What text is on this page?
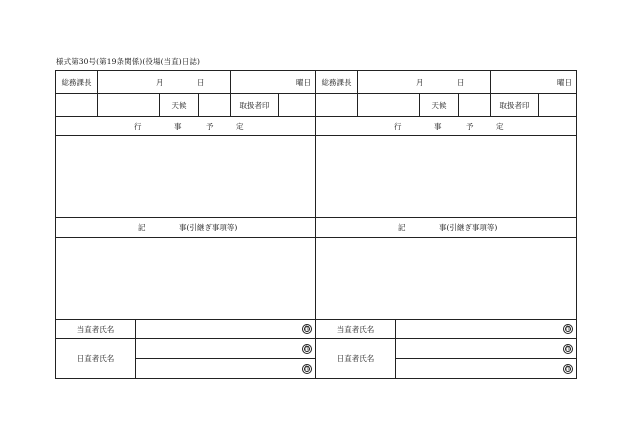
様式第30号(第19条関係)(役場(当直)日誌)
総務課長	月	日	曜日
天候	取扱者印
行	事	予	定
記	事(引継ぎ事項等)
当直者氏名	印
日直者氏名
印
印
総務課長	月	日	曜日
天候	取扱者印
行	事	予	定
記	事(引継ぎ事項等)
当直者氏名	印
日直者氏名
印
印
